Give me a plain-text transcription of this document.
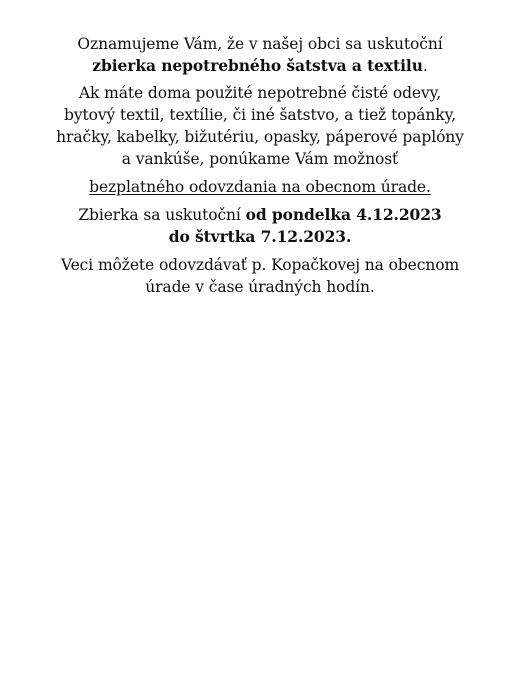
Oznamujeme Vám, že v našej obci sa uskutoční
zbierka nepotrebného šatstva a textilu.

Ak máte doma použité nepotrebné čisté odevy,
bytový textil, textílie, či iné šatstvo, a tiež topánky,
hračky, kabelky, bižutériu, opasky, páperové paplóny
a vankúše, ponúkame Vám možnosť

bezplatného odovzdania na obecnom úrade.

Zbierka sa uskutoční od pondelka 4.12.2023
do štvrtka 7.12.2023.

Veci môžete odovzdávať p. Kopačkovej na obecnom
úrade v čase úradných hodín.
